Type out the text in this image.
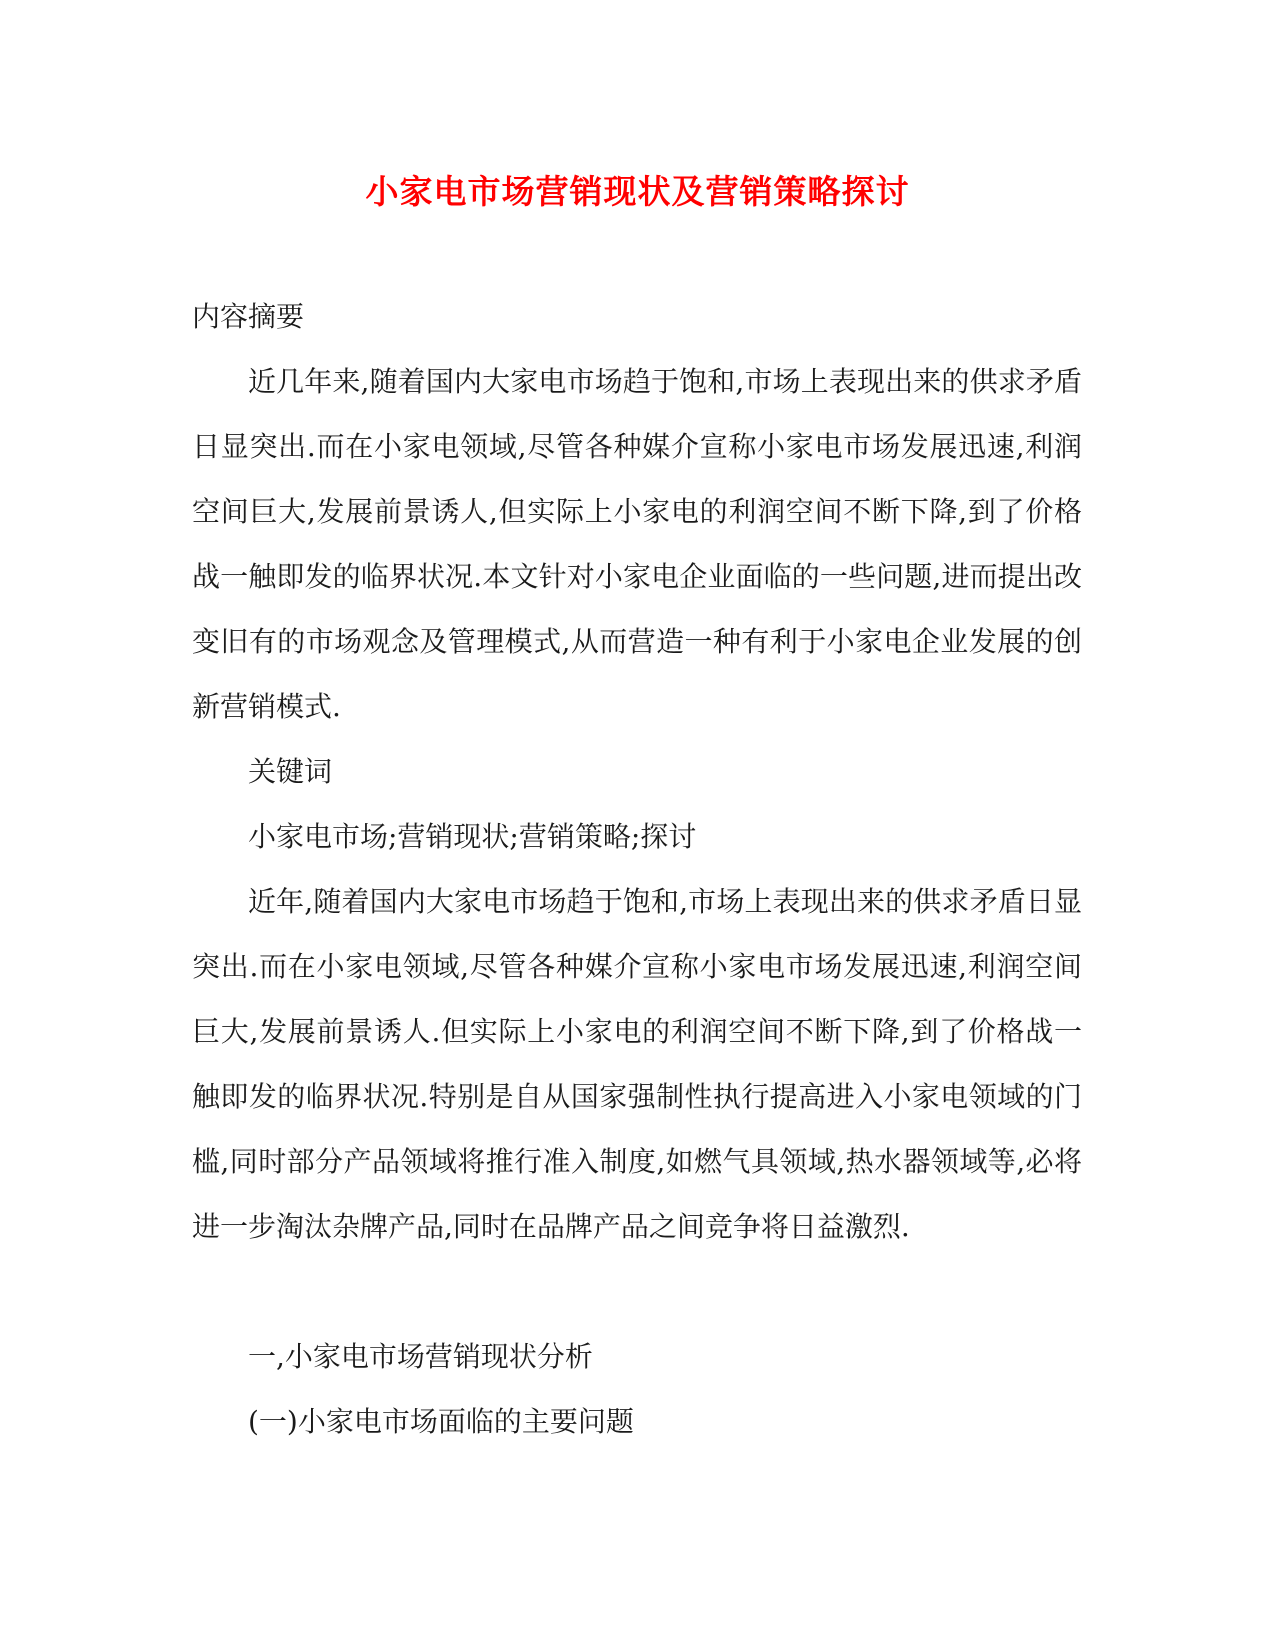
小家电市场营销现状及营销策略探讨

内容摘要

近几年来,随着国内大家电市场趋于饱和,市场上表现出来的供求矛盾日显突出.而在小家电领域,尽管各种媒介宣称小家电市场发展迅速,利润空间巨大,发展前景诱人,但实际上小家电的利润空间不断下降,到了价格战一触即发的临界状况.本文针对小家电企业面临的一些问题,进而提出改变旧有的市场观念及管理模式,从而营造一种有利于小家电企业发展的创新营销模式.

关键词

小家电市场;营销现状;营销策略;探讨

近年,随着国内大家电市场趋于饱和,市场上表现出来的供求矛盾日显突出.而在小家电领域,尽管各种媒介宣称小家电市场发展迅速,利润空间巨大,发展前景诱人.但实际上小家电的利润空间不断下降,到了价格战一触即发的临界状况.特别是自从国家强制性执行提高进入小家电领域的门槛,同时部分产品领域将推行准入制度,如燃气具领域,热水器领域等,必将进一步淘汰杂牌产品,同时在品牌产品之间竞争将日益激烈.

一,小家电市场营销现状分析

(一)小家电市场面临的主要问题
